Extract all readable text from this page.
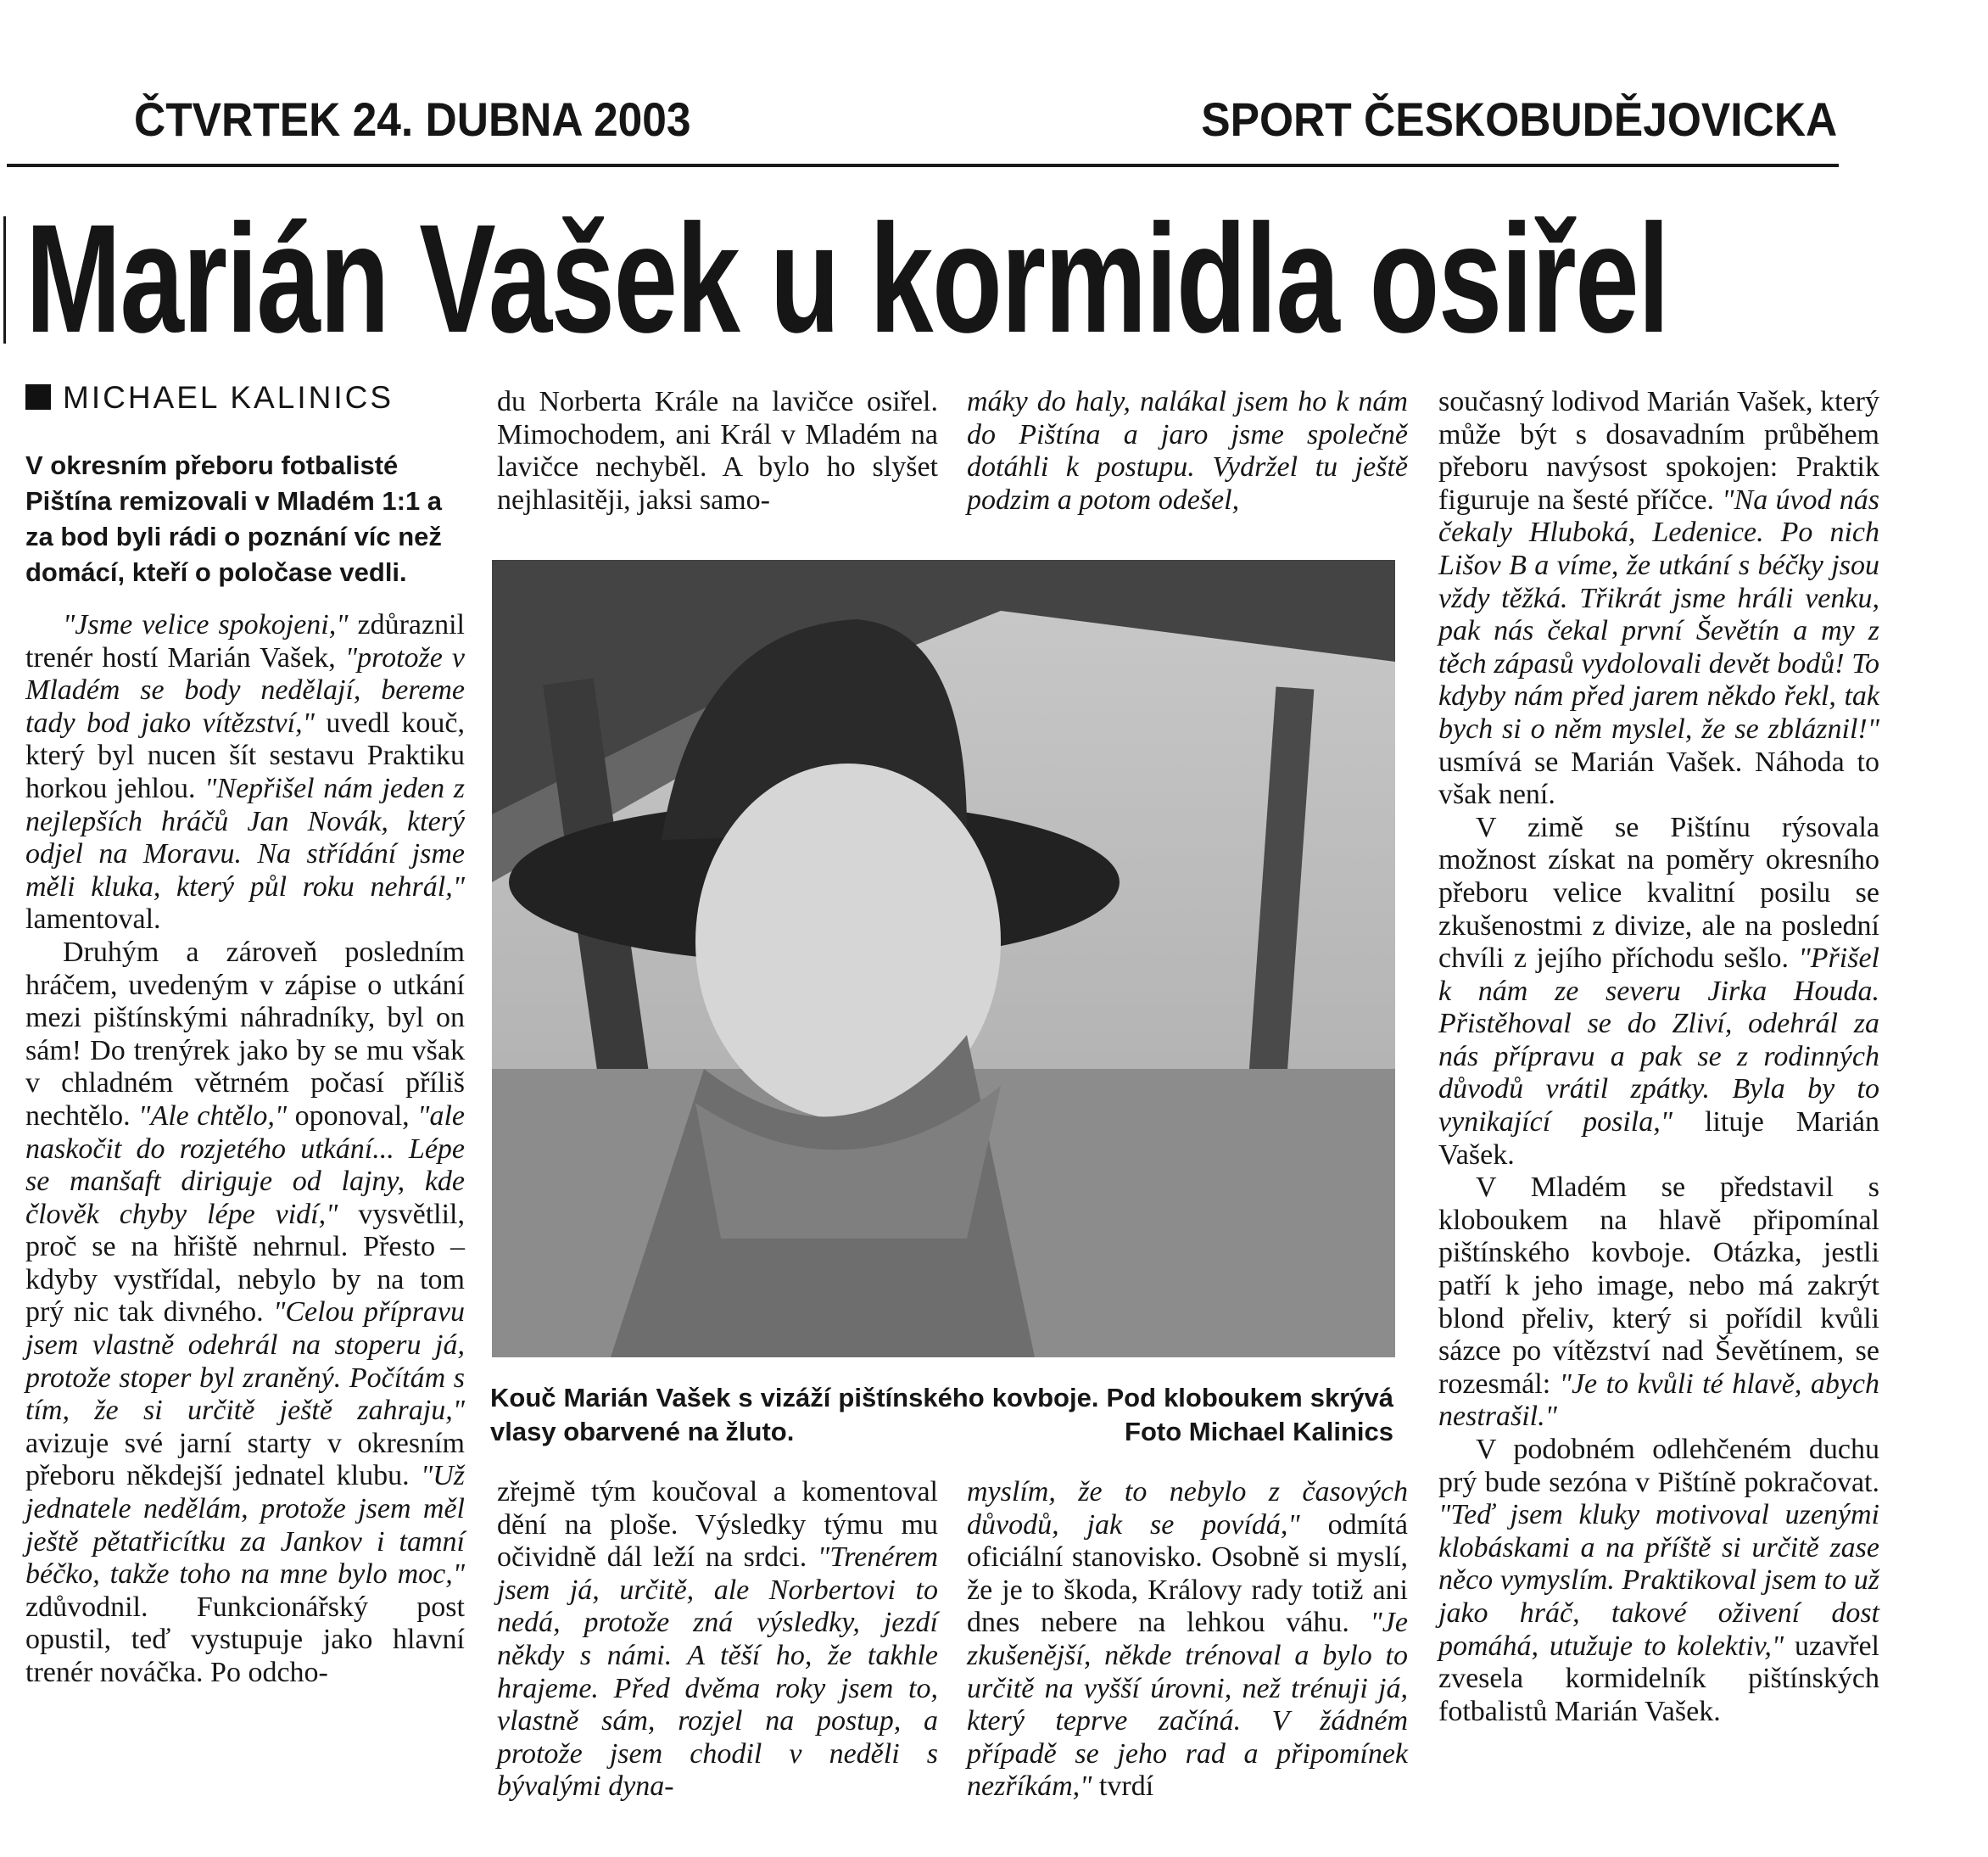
ČTVRTEK 24. DUBNA 2003	SPORT ČESKOBUDĚJOVICKA
Marián Vašek u kormidla osiřel
MICHAEL KALINICS
V okresním přeboru fotbalisté Pištína remizovali v Mladém 1:1 a za bod byli rádi o poznání víc než domácí, kteří o poločase vedli.

"Jsme velice spokojeni," zdůraznil trenér hostí Marián Vašek, "protože v Mladém se body nedělají, bereme tady bod jako vítězství," uvedl kouč, který byl nucen šít sestavu Praktiku horkou jehlou. "Nepřišel nám jeden z nejlepších hráčů Jan Novák, který odjel na Moravu. Na střídání jsme měli kluka, který půl roku nehrál," lamentoval.

Druhým a zároveň posledním hráčem, uvedeným v zápise o utkání mezi pištínskými náhradníky, byl on sám! Do trenýrek jako by se mu však v chladném větrném počasí příliš nechtělo. "Ale chtělo," oponoval, "ale naskočit do rozjetého utkání... Lépe se manšaft diriguje od lajny, kde člověk chyby lépe vidí," vysvětlil, proč se na hřiště nehrnul. Přesto – kdyby vystřídal, nebylo by na tom prý nic tak divného. "Celou přípravu jsem vlastně odehrál na stoperu já, protože stoper byl zraněný. Počítám s tím, že si určitě ještě zahraju," avizuje své jarní starty v okresním přeboru někdejší jednatel klubu. "Už jednatele nedělám, protože jsem měl ještě pětatřicítku za Jankov i tamní béčko, takže toho na mne bylo moc," zdůvodnil. Funkcionářský post opustil, teď vystupuje jako hlavní trenér nováčka. Po odcho-

du Norberta Krále na lavičce osiřel. Mimochodem, ani Král v Mladém na lavičce nechyběl. A bylo ho slyšet nejhlasitěji, jaksi samo-

máky do haly, nalákal jsem ho k nám do Pištína a jaro jsme společně dotáhli k postupu. Vydržel tu ještě podzim a potom odešel,

Kouč Marián Vašek s vizáží pištínského kovboje. Pod kloboukem skrývá vlasy obarvené na žluto.	Foto Michael Kalinics

zřejmě tým koučoval a komentoval dění na ploše. Výsledky týmu mu očividně dál leží na srdci. "Trenérem jsem já, určitě, ale Norbertovi to nedá, protože zná výsledky, jezdí někdy s námi. A těší ho, že takhle hrajeme. Před dvěma roky jsem to, vlastně sám, rozjel na postup, a protože jsem chodil v neděli s bývalými dyna-

myslím, že to nebylo z časových důvodů, jak se povídá," odmítá oficiální stanovisko. Osobně si myslí, že je to škoda, Královy rady totiž ani dnes nebere na lehkou váhu. "Je zkušenější, někde trénoval a bylo to určitě na vyšší úrovni, než trénuji já, který teprve začíná. V žádném případě se jeho rad a připomínek nezříkám," tvrdí

současný lodivod Marián Vašek, který může být s dosavadním průběhem přeboru navýsost spokojen: Praktik figuruje na šesté příčce. "Na úvod nás čekaly Hluboká, Ledenice. Po nich Lišov B a víme, že utkání s béčky jsou vždy těžká. Třikrát jsme hráli venku, pak nás čekal první Ševětín a my z těch zápasů vydolovali devět bodů! To kdyby nám před jarem někdo řekl, tak bych si o něm myslel, že se zbláznil!" usmívá se Marián Vašek. Náhoda to však není.

V zimě se Pištínu rýsovala možnost získat na poměry okresního přeboru velice kvalitní posilu se zkušenostmi z divize, ale na poslední chvíli z jejího příchodu sešlo. "Přišel k nám ze severu Jirka Houda. Přistěhoval se do Zliví, odehrál za nás přípravu a pak se z rodinných důvodů vrátil zpátky. Byla by to vynikající posila," lituje Marián Vašek.

V Mladém se představil s kloboukem na hlavě připomínal pištínského kovboje. Otázka, jestli patří k jeho image, nebo má zakrýt blond přeliv, který si pořídil kvůli sázce po vítězství nad Ševětínem, se rozesmál: "Je to kvůli té hlavě, abych nestrašil."

V podobném odlehčeném duchu prý bude sezóna v Pištíně pokračovat. "Teď jsem kluky motivoval uzenými klobáskami a na příště si určitě zase něco vymyslím. Praktikoval jsem to už jako hráč, takové oživení dost pomáhá, utužuje to kolektiv," uzavřel zvesela kormidelník pištínských fotbalistů Marián Vašek.
